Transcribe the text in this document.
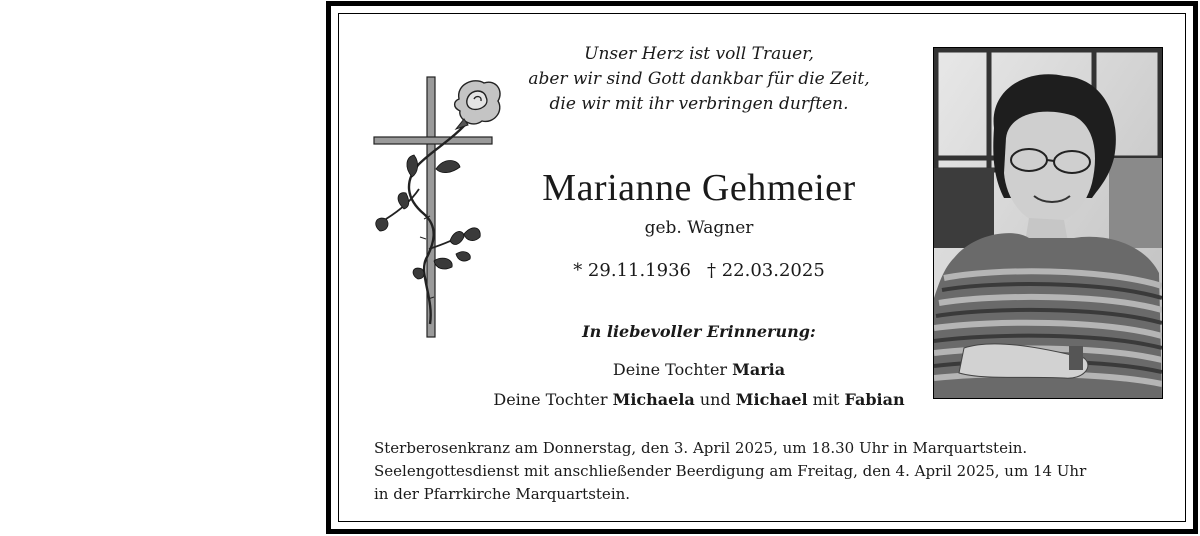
Unser Herz ist voll Trauer,
aber wir sind Gott dankbar für die Zeit,
die wir mit ihr verbringen durften.
Marianne Gehmeier
geb. Wagner
* 29.11.1936 † 22.03.2025
In liebevoller Erinnerung:
Deine Tochter Maria
Deine Tochter Michaela und Michael mit Fabian
Sterberosenkranz am Donnerstag, den 3. April 2025, um 18.30 Uhr in Marquartstein.
Seelengottesdienst mit anschließender Beerdigung am Freitag, den 4. April 2025, um 14 Uhr
in der Pfarrkirche Marquartstein.
